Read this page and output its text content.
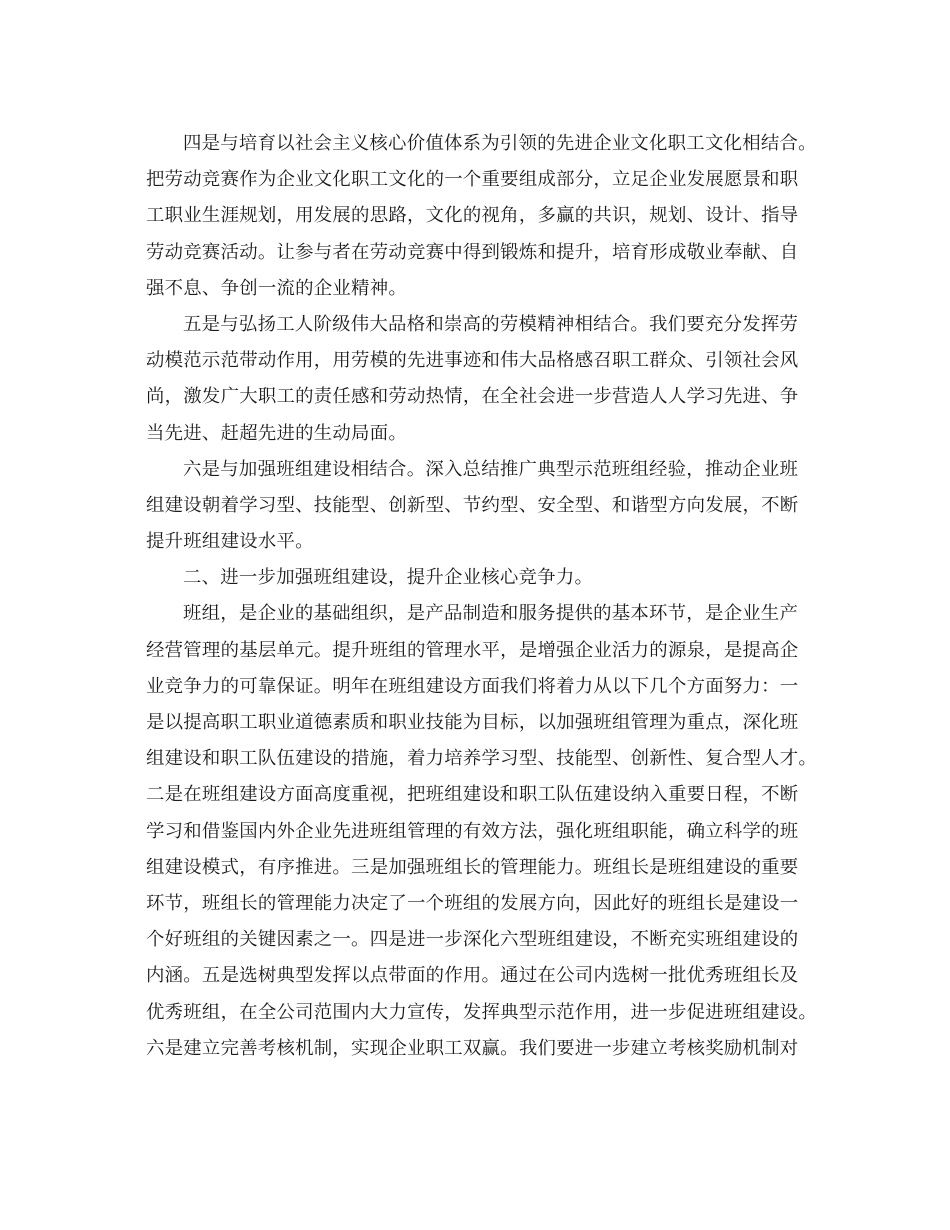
四是与培育以社会主义核心价值体系为引领的先进企业文化职工文化相结合。
把劳动竞赛作为企业文化职工文化的一个重要组成部分，立足企业发展愿景和职
工职业生涯规划，用发展的思路，文化的视角，多赢的共识，规划、设计、指导
劳动竞赛活动。让参与者在劳动竞赛中得到锻炼和提升，培育形成敬业奉献、自
强不息、争创一流的企业精神。
五是与弘扬工人阶级伟大品格和崇高的劳模精神相结合。我们要充分发挥劳
动模范示范带动作用，用劳模的先进事迹和伟大品格感召职工群众、引领社会风
尚，激发广大职工的责任感和劳动热情，在全社会进一步营造人人学习先进、争
当先进、赶超先进的生动局面。
六是与加强班组建设相结合。深入总结推广典型示范班组经验，推动企业班
组建设朝着学习型、技能型、创新型、节约型、安全型、和谐型方向发展，不断
提升班组建设水平。
二、进一步加强班组建设，提升企业核心竞争力。
班组，是企业的基础组织，是产品制造和服务提供的基本环节，是企业生产
经营管理的基层单元。提升班组的管理水平，是增强企业活力的源泉，是提高企
业竞争力的可靠保证。明年在班组建设方面我们将着力从以下几个方面努力：一
是以提高职工职业道德素质和职业技能为目标，以加强班组管理为重点，深化班
组建设和职工队伍建设的措施，着力培养学习型、技能型、创新性、复合型人才。
二是在班组建设方面高度重视，把班组建设和职工队伍建设纳入重要日程，不断
学习和借鉴国内外企业先进班组管理的有效方法，强化班组职能，确立科学的班
组建设模式，有序推进。三是加强班组长的管理能力。班组长是班组建设的重要
环节，班组长的管理能力决定了一个班组的发展方向，因此好的班组长是建设一
个好班组的关键因素之一。四是进一步深化六型班组建设，不断充实班组建设的
内涵。五是选树典型发挥以点带面的作用。通过在公司内选树一批优秀班组长及
优秀班组，在全公司范围内大力宣传，发挥典型示范作用，进一步促进班组建设。
六是建立完善考核机制，实现企业职工双赢。我们要进一步建立考核奖励机制对
